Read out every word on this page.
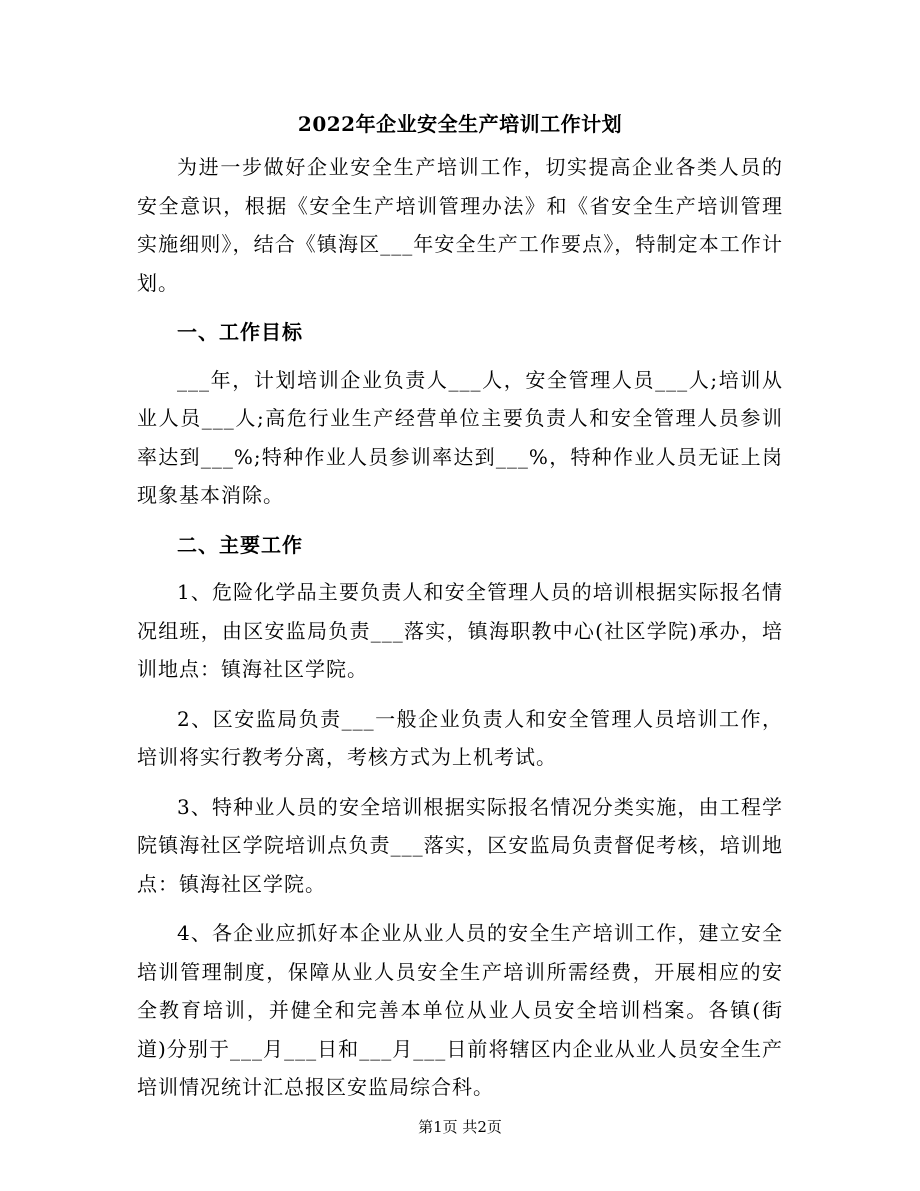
2022年企业安全生产培训工作计划

为进一步做好企业安全生产培训工作，切实提高企业各类人员的安全意识，根据《安全生产培训管理办法》和《省安全生产培训管理实施细则》，结合《镇海区___年安全生产工作要点》，特制定本工作计划。

一、工作目标

___年，计划培训企业负责人___人，安全管理人员___人;培训从业人员___人;高危行业生产经营单位主要负责人和安全管理人员参训率达到___%;特种作业人员参训率达到___%，特种作业人员无证上岗现象基本消除。

二、主要工作

1、危险化学品主要负责人和安全管理人员的培训根据实际报名情况组班，由区安监局负责___落实，镇海职教中心(社区学院)承办，培训地点：镇海社区学院。

2、区安监局负责___一般企业负责人和安全管理人员培训工作，培训将实行教考分离，考核方式为上机考试。

3、特种业人员的安全培训根据实际报名情况分类实施，由工程学院镇海社区学院培训点负责___落实，区安监局负责督促考核，培训地点：镇海社区学院。

4、各企业应抓好本企业从业人员的安全生产培训工作，建立安全培训管理制度，保障从业人员安全生产培训所需经费，开展相应的安全教育培训，并健全和完善本单位从业人员安全培训档案。各镇(街道)分别于___月___日和___月___日前将辖区内企业从业人员安全生产培训情况统计汇总报区安监局综合科。

第1页 共2页
